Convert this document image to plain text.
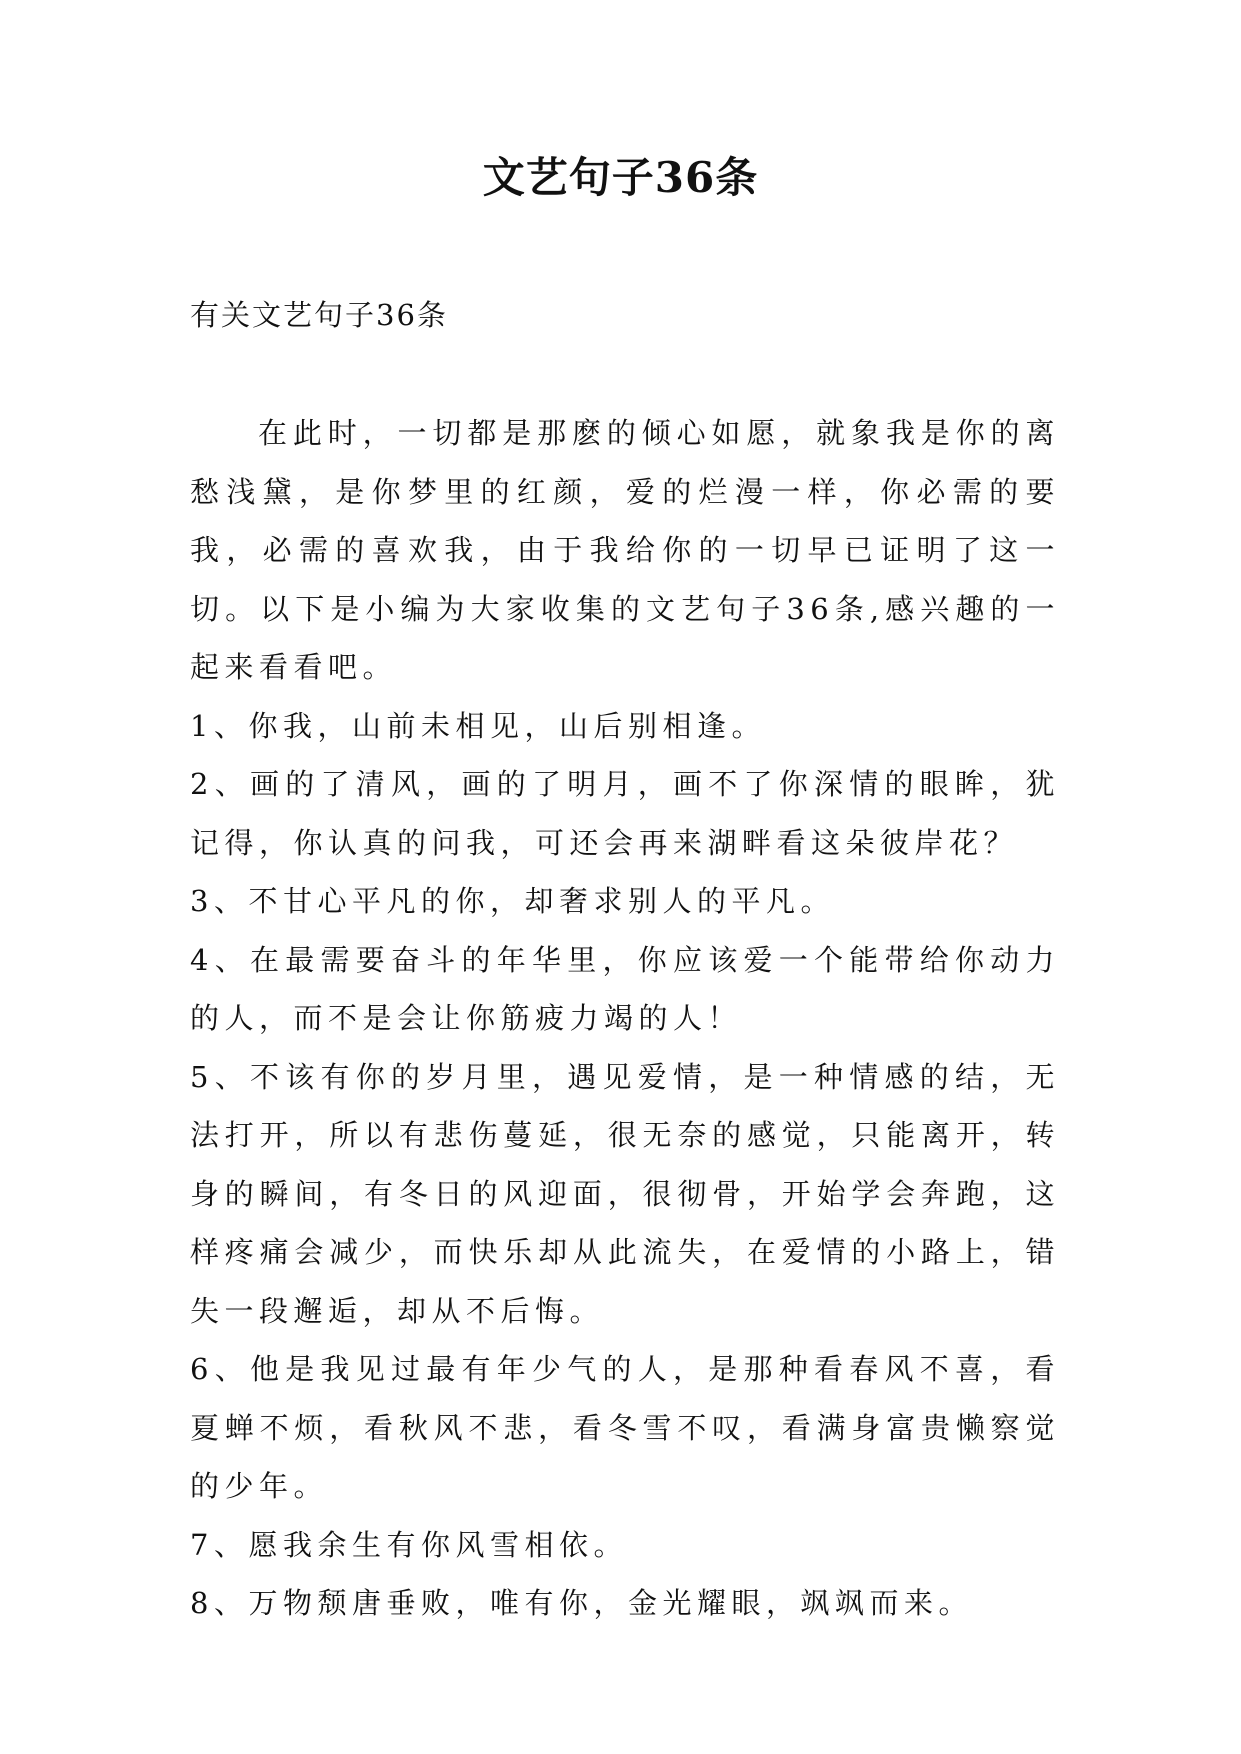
文艺句子36条
有关文艺句子36条

在此时，一切都是那麽的倾心如愿，就象我是你的离愁浅黛，是你梦里的红颜，爱的烂漫一样，你必需的要我，必需的喜欢我，由于我给你的一切早已证明了这一切。以下是小编为大家收集的文艺句子36条,感兴趣的一起来看看吧。

1、你我，山前未相见，山后别相逢。

2、画的了清风，画的了明月，画不了你深情的眼眸，犹记得，你认真的问我，可还会再来湖畔看这朵彼岸花？

3、不甘心平凡的你，却奢求别人的平凡。

4、在最需要奋斗的年华里，你应该爱一个能带给你动力的人，而不是会让你筋疲力竭的人！

5、不该有你的岁月里，遇见爱情，是一种情感的结，无法打开，所以有悲伤蔓延，很无奈的感觉，只能离开，转身的瞬间，有冬日的风迎面，很彻骨，开始学会奔跑，这样疼痛会减少，而快乐却从此流失，在爱情的小路上，错失一段邂逅，却从不后悔。

6、他是我见过最有年少气的人，是那种看春风不喜，看夏蝉不烦，看秋风不悲，看冬雪不叹，看满身富贵懒察觉的少年。

7、愿我余生有你风雪相依。

8、万物颓唐垂败，唯有你，金光耀眼，飒飒而来。
